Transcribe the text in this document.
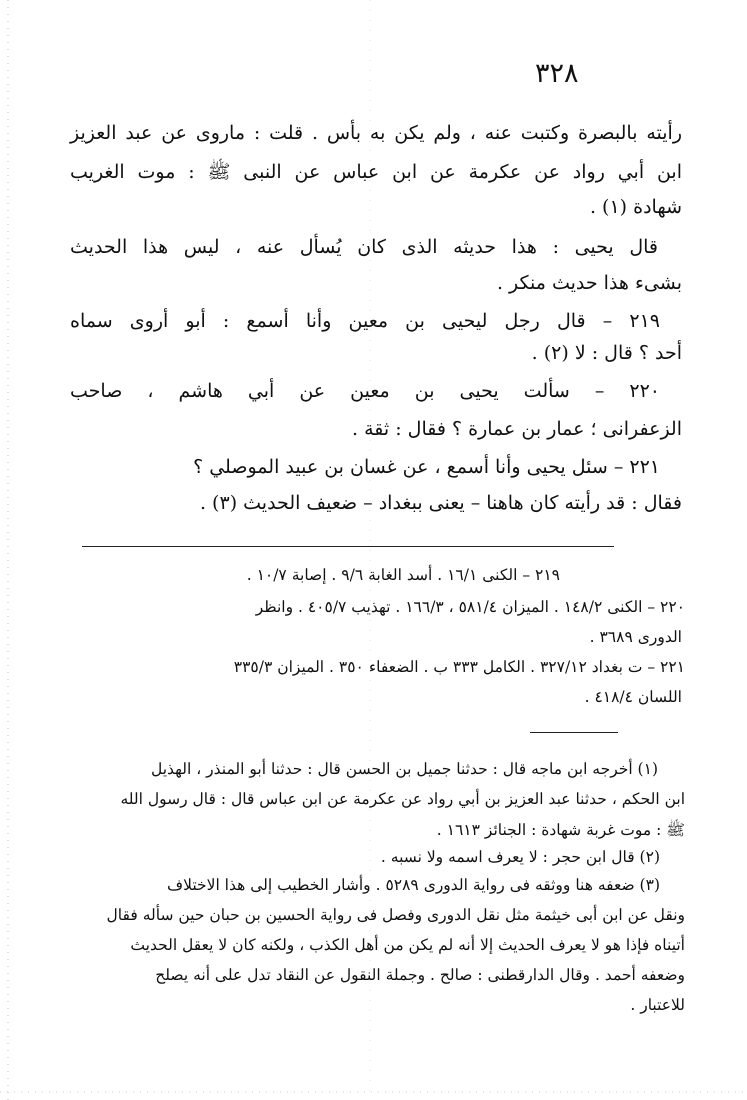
٣٢٨
رأيته بالبصرة وكتبت عنه ، ولم يكن به بأس . قلت : ماروى عن عبد العزيز
ابن أبي رواد عن عكرمة عن ابن عباس عن النبى ﷺ : موت الغريب
شهادة (١) .
قال يحيى : هذا حديثه الذى كان يُسأل عنه ، ليس هذا الحديث
بشىء هذا حديث منكر .
٢١٩ – قال رجل ليحيى بن معين وأنا أسمع : أبو أروى سماه
أحد ؟ قال : لا (٢) .
٢٢٠ – سألت يحيى بن معين عن أبي هاشم ، صاحب
الزعفرانى ؛ عمار بن عمارة ؟ فقال : ثقة .
٢٢١ – سئل يحيى وأنا أسمع ، عن غسان بن عبيد الموصلي ؟
فقال : قد رأيته كان هاهنا – يعنى ببغداد – ضعيف الحديث (٣) .
٢١٩ – الكنى ١٦/١ . أسد الغابة ٩/٦ . إصابة ١٠/٧ .
٢٢٠ – الكنى ١٤٨/٢ . الميزان ٥٨١/٤ ، ١٦٦/٣ . تهذيب ٤٠٥/٧ . وانظر
الدورى ٣٦٨٩ .
٢٢١ – ت بغداد ٣٢٧/١٢ . الكامل ٣٣٣ ب . الضعفاء ٣٥٠ . الميزان ٣٣٥/٣
اللسان ٤١٨/٤ .
(١) أخرجه ابن ماجه قال : حدثنا جميل بن الحسن قال : حدثنا أبو المنذر ، الهذيل
ابن الحكم ، حدثنا عبد العزيز بن أبي رواد عن عكرمة عن ابن عباس قال : قال رسول الله
ﷺ : موت غربة شهادة : الجنائز ١٦١٣ .
(٢) قال ابن حجر : لا يعرف اسمه ولا نسبه .
(٣) ضعفه هنا ووثقه فى رواية الدورى ٥٢٨٩ . وأشار الخطيب إلى هذا الاختلاف
ونقل عن ابن أبى خيثمة مثل نقل الدورى وفصل فى رواية الحسين بن حبان حين سأله فقال
أتيناه فإذا هو لا يعرف الحديث إلا أنه لم يكن من أهل الكذب ، ولكنه كان لا يعقل الحديث
وضعفه أحمد . وقال الدارقطنى : صالح . وجملة النقول عن النقاد تدل على أنه يصلح
للاعتبار .
